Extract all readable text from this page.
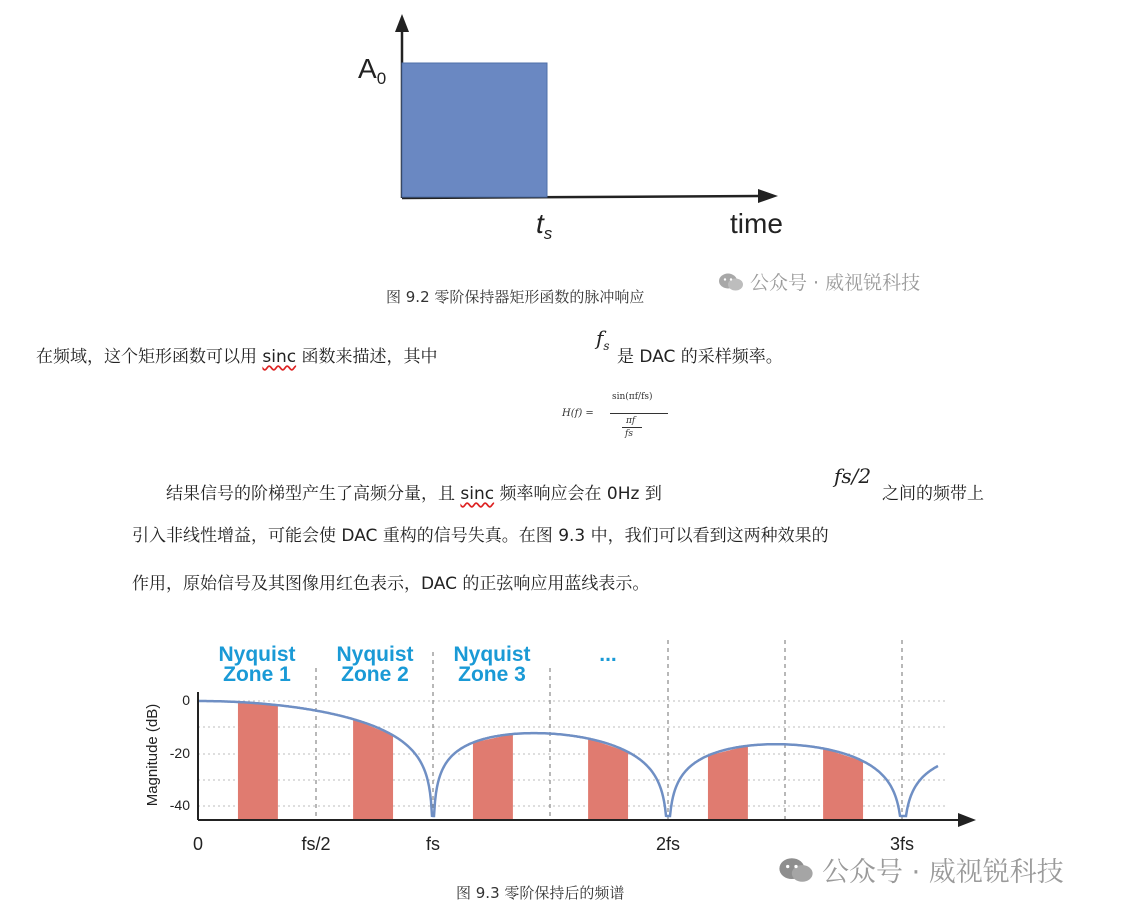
$A_0$
$t_s$	time
公众号 · 威视锐科技
图 9.2 零阶保持器矩形函数的脉冲响应
在频域，这个矩形函数可以用 sinc 函数来描述，其中
$f_s$
是 DAC 的采样频率。
H(f) =
sin(πf/fs)
πf
fs
结果信号的阶梯型产生了高频分量，且 sinc 频率响应会在 0Hz 到
fs/2
之间的频带上
引入非线性增益，可能会使 DAC 重构的信号失真。在图 9.3 中，我们可以看到这两种效果的
作用，原始信号及其图像用红色表示，DAC 的正弦响应用蓝线表示。
Nyquist
Zone 1
Nyquist
Zone 2
Nyquist
Zone 3
...
0
-20
-40
Magnitude (dB)
0	fs/2	fs	2fs	3fs
公众号 · 威视锐科技
图 9.3 零阶保持后的频谱
